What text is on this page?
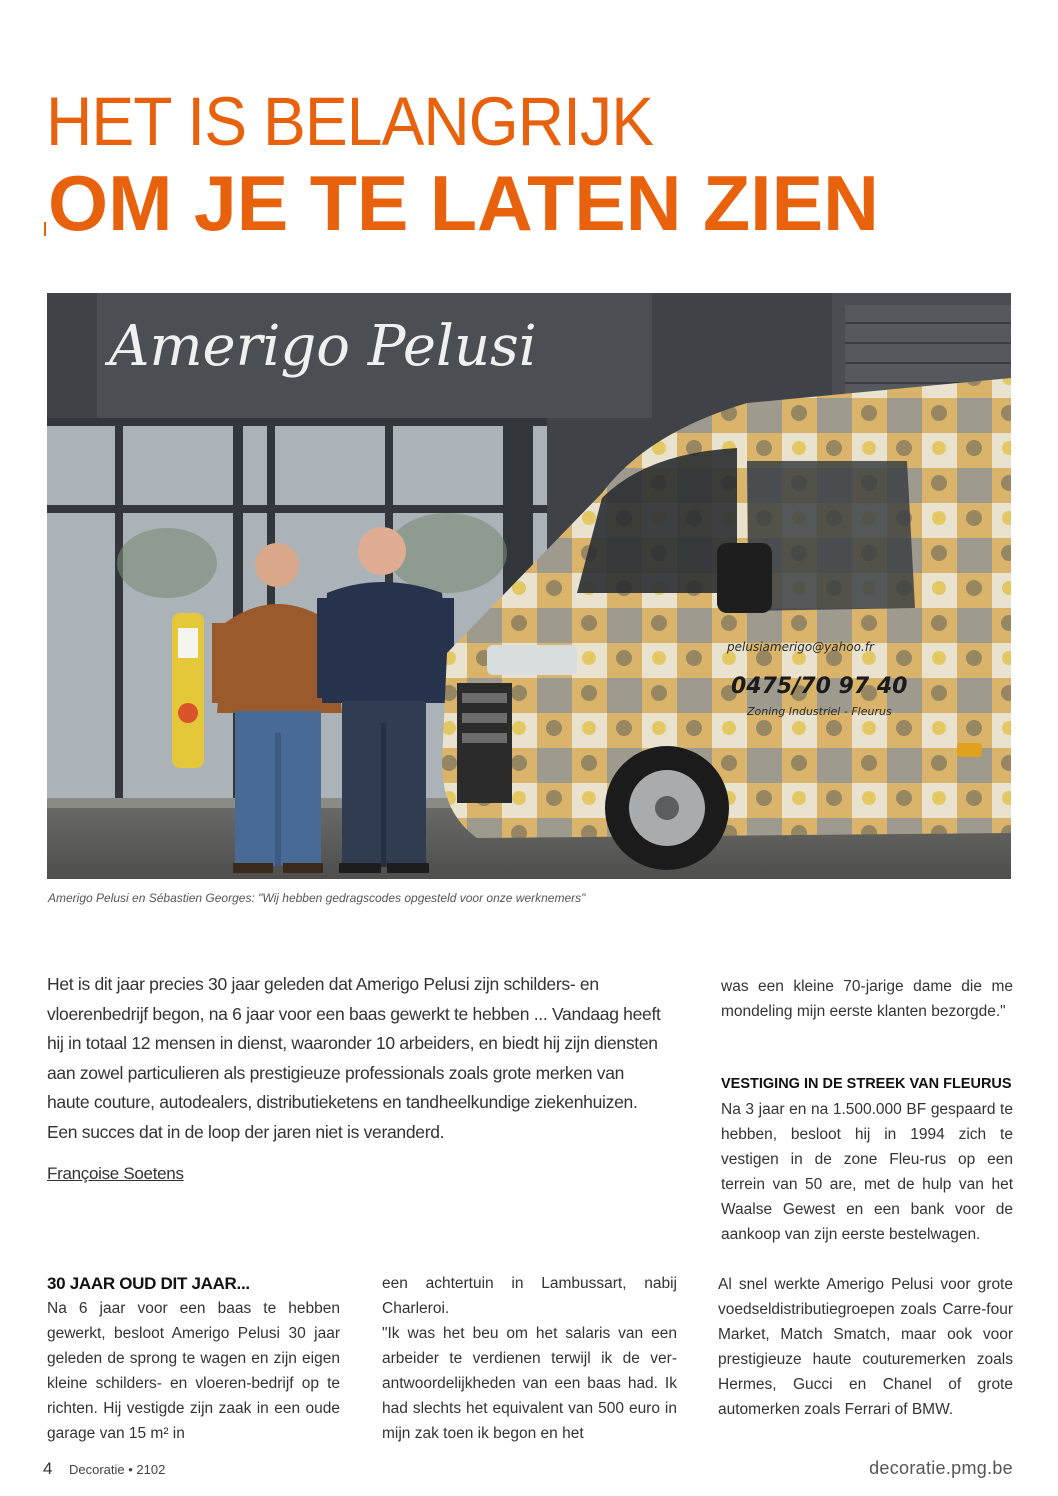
HET IS BELANGRIJK
OM JE TE LATEN ZIEN
Amerigo Pelusi
pelusiamerigo@yahoo.fr
0475/70 97 40
Zoning Industriel - Fleurus
Amerigo Pelusi en Sébastien Georges: "Wij hebben gedragscodes opgesteld voor onze werknemers"
Het is dit jaar precies 30 jaar geleden dat Amerigo Pelusi zijn schilders- en vloerenbedrijf begon, na 6 jaar voor een baas gewerkt te hebben ... Vandaag heeft hij in totaal 12 mensen in dienst, waaronder 10 arbeiders, en biedt hij zijn diensten aan zowel particulieren als prestigieuze professionals zoals grote merken van haute couture, autodealers, distributieketens en tandheelkundige ziekenhuizen. Een succes dat in de loop der jaren niet is veranderd.
Françoise Soetens
30 JAAR OUD DIT JAAR...

Na 6 jaar voor een baas te hebben gewerkt, besloot Amerigo Pelusi 30 jaar geleden de sprong te wagen en zijn eigen kleine schilders- en vloeren-bedrijf op te richten. Hij vestigde zijn zaak in een oude garage van 15 m² in

een achtertuin in Lambussart, nabij Charleroi.

"Ik was het beu om het salaris van een arbeider te verdienen terwijl ik de ver-antwoordelijkheden van een baas had. Ik had slechts het equivalent van 500 euro in mijn zak toen ik begon en het

was een kleine 70-jarige dame die me mondeling mijn eerste klanten bezorgde."

VESTIGING IN DE STREEK VAN FLEURUS

Na 3 jaar en na 1.500.000 BF gespaard te hebben, besloot hij in 1994 zich te vestigen in de zone Fleu-rus op een terrein van 50 are, met de hulp van het Waalse Gewest en een bank voor de aankoop van zijn eerste bestelwagen.

Al snel werkte Amerigo Pelusi voor grote voedseldistributiegroepen zoals Carre-four Market, Match Smatch, maar ook voor prestigieuze haute couturemerken zoals Hermes, Gucci en Chanel of grote automerken zoals Ferrari of BMW.

4 Decoratie • 2102	decoratie.pmg.be
